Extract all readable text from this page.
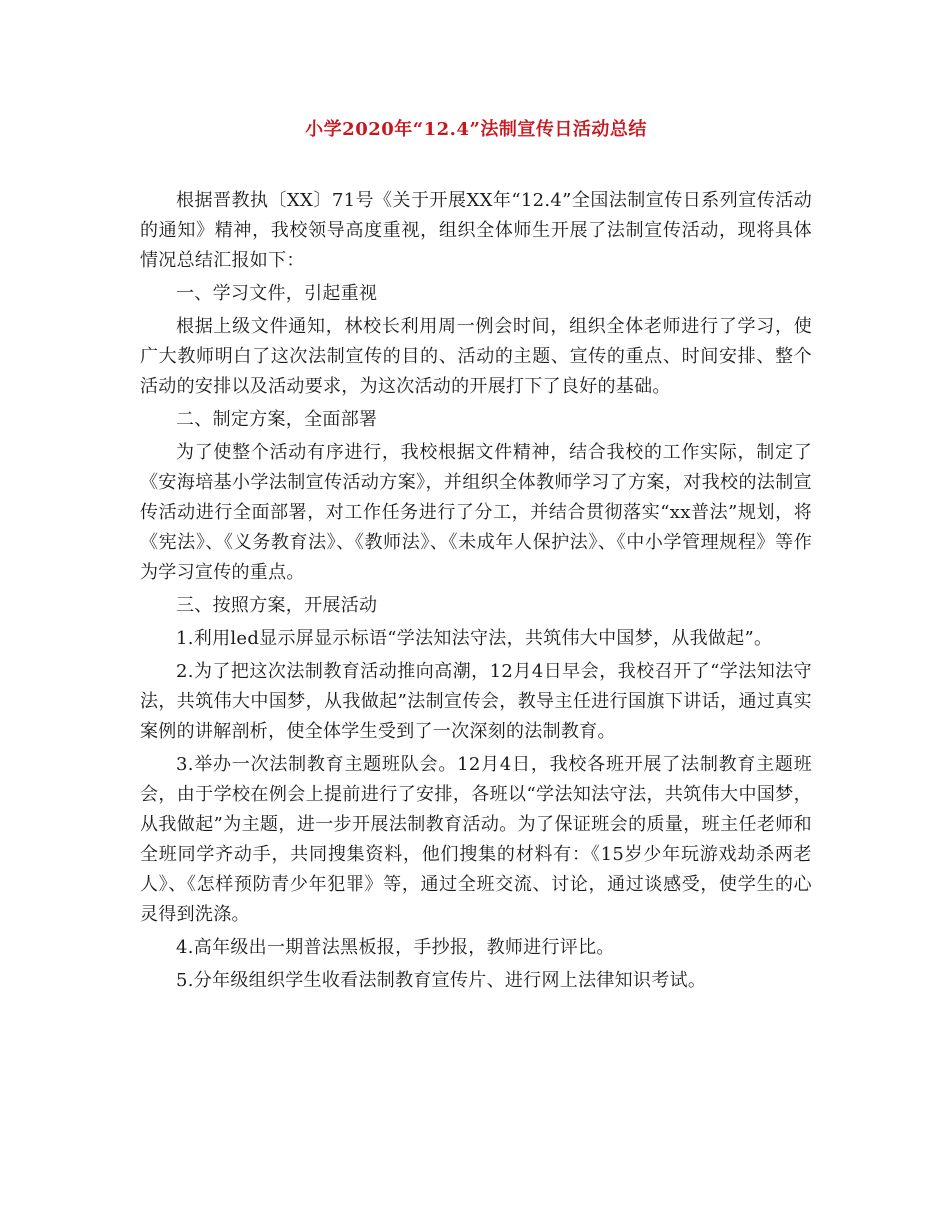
小学2020年“12.4”法制宣传日活动总结

根据晋教执〔XX〕71号《关于开展XX年“12.4”全国法制宣传日系列宣传活动的通知》精神，我校领导高度重视，组织全体师生开展了法制宣传活动，现将具体情况总结汇报如下：

一、学习文件，引起重视

根据上级文件通知，林校长利用周一例会时间，组织全体老师进行了学习，使广大教师明白了这次法制宣传的目的、活动的主题、宣传的重点、时间安排、整个活动的安排以及活动要求，为这次活动的开展打下了良好的基础。

二、制定方案，全面部署

为了使整个活动有序进行，我校根据文件精神，结合我校的工作实际，制定了《安海培基小学法制宣传活动方案》，并组织全体教师学习了方案，对我校的法制宣传活动进行全面部署，对工作任务进行了分工，并结合贯彻落实“xx普法”规划，将《宪法》、《义务教育法》、《教师法》、《未成年人保护法》、《中小学管理规程》等作为学习宣传的重点。

三、按照方案，开展活动

1.利用led显示屏显示标语“学法知法守法，共筑伟大中国梦，从我做起”。

2.为了把这次法制教育活动推向高潮，12月4日早会，我校召开了“学法知法守法，共筑伟大中国梦，从我做起”法制宣传会，教导主任进行国旗下讲话，通过真实案例的讲解剖析，使全体学生受到了一次深刻的法制教育。

3.举办一次法制教育主题班队会。12月4日，我校各班开展了法制教育主题班会，由于学校在例会上提前进行了安排，各班以“学法知法守法，共筑伟大中国梦，从我做起”为主题，进一步开展法制教育活动。为了保证班会的质量，班主任老师和全班同学齐动手，共同搜集资料，他们搜集的材料有：《15岁少年玩游戏劫杀两老人》、《怎样预防青少年犯罪》等，通过全班交流、讨论，通过谈感受，使学生的心灵得到洗涤。

4.高年级出一期普法黑板报，手抄报，教师进行评比。

5.分年级组织学生收看法制教育宣传片、进行网上法律知识考试。
